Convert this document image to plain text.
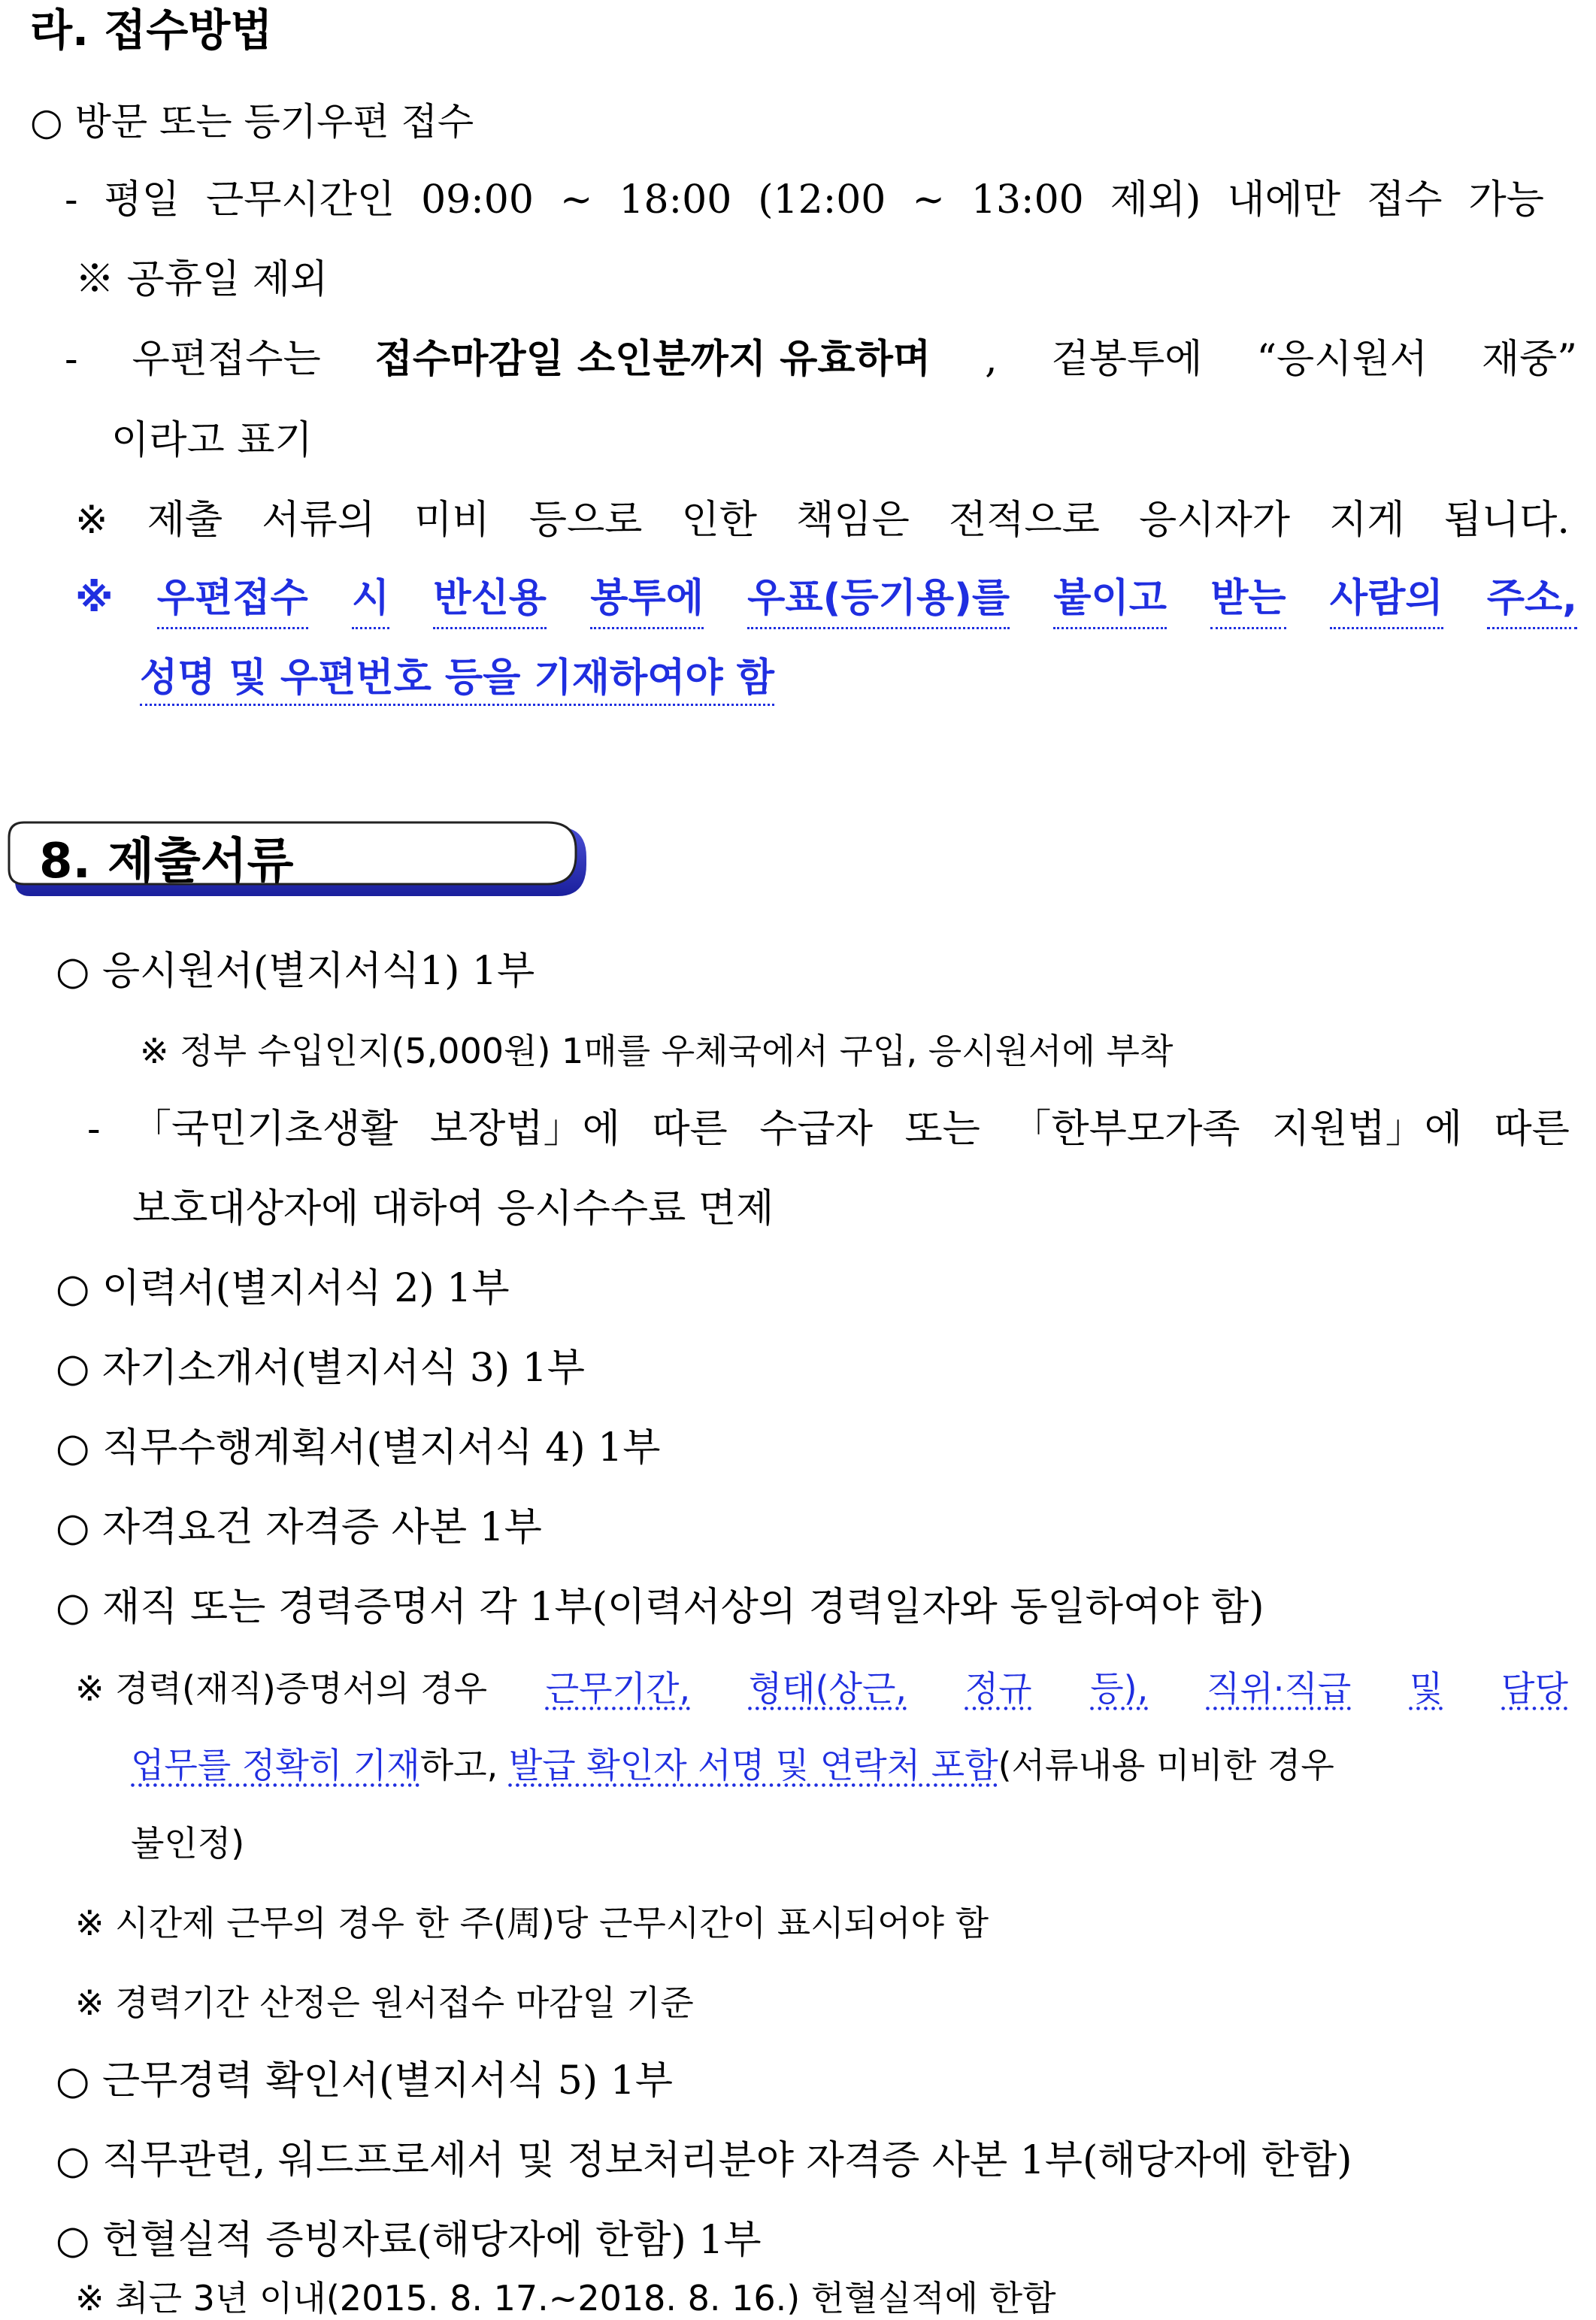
라. 접수방법
○ 방문 또는 등기우편 접수
- 평일 근무시간인 09:00 ~ 18:00 (12:00 ~ 13:00 제외) 내에만 접수 가능
※ 공휴일 제외
- 우편접수는 접수마감일 소인분까지 유효하며 , 겉봉투에 “응시원서 재중”
이라고 표기
※ 제출 서류의 미비 등으로 인한 책임은 전적으로 응시자가 지게 됩니다.
※ 우편접수 시 반신용 봉투에 우표(등기용)를 붙이고 받는 사람의 주소,
성명 및 우편번호 등을 기재하여야 함
8. 제출서류
○ 응시원서(별지서식1) 1부
※ 정부 수입인지(5,000원) 1매를 우체국에서 구입, 응시원서에 부착
- 「국민기초생활 보장법」에 따른 수급자 또는 「한부모가족 지원법」에 따른
보호대상자에 대하여 응시수수료 면제
○ 이력서(별지서식 2) 1부
○ 자기소개서(별지서식 3) 1부
○ 직무수행계획서(별지서식 4) 1부
○ 자격요건 자격증 사본 1부
○ 재직 또는 경력증명서 각 1부(이력서상의 경력일자와 동일하여야 함)
※ 경력(재직)증명서의 경우 근무기간, 형태(상근, 정규 등), 직위·직급 및 담당
업무를 정확히 기재하고, 발급 확인자 서명 및 연락처 포함(서류내용 미비한 경우
불인정)
※ 시간제 근무의 경우 한 주(周)당 근무시간이 표시되어야 함
※ 경력기간 산정은 원서접수 마감일 기준
○ 근무경력 확인서(별지서식 5) 1부
○ 직무관련, 워드프로세서 및 정보처리분야 자격증 사본 1부(해당자에 한함)
○ 헌혈실적 증빙자료(해당자에 한함) 1부
※ 최근 3년 이내(2015. 8. 17.~2018. 8. 16.) 헌혈실적에 한함
